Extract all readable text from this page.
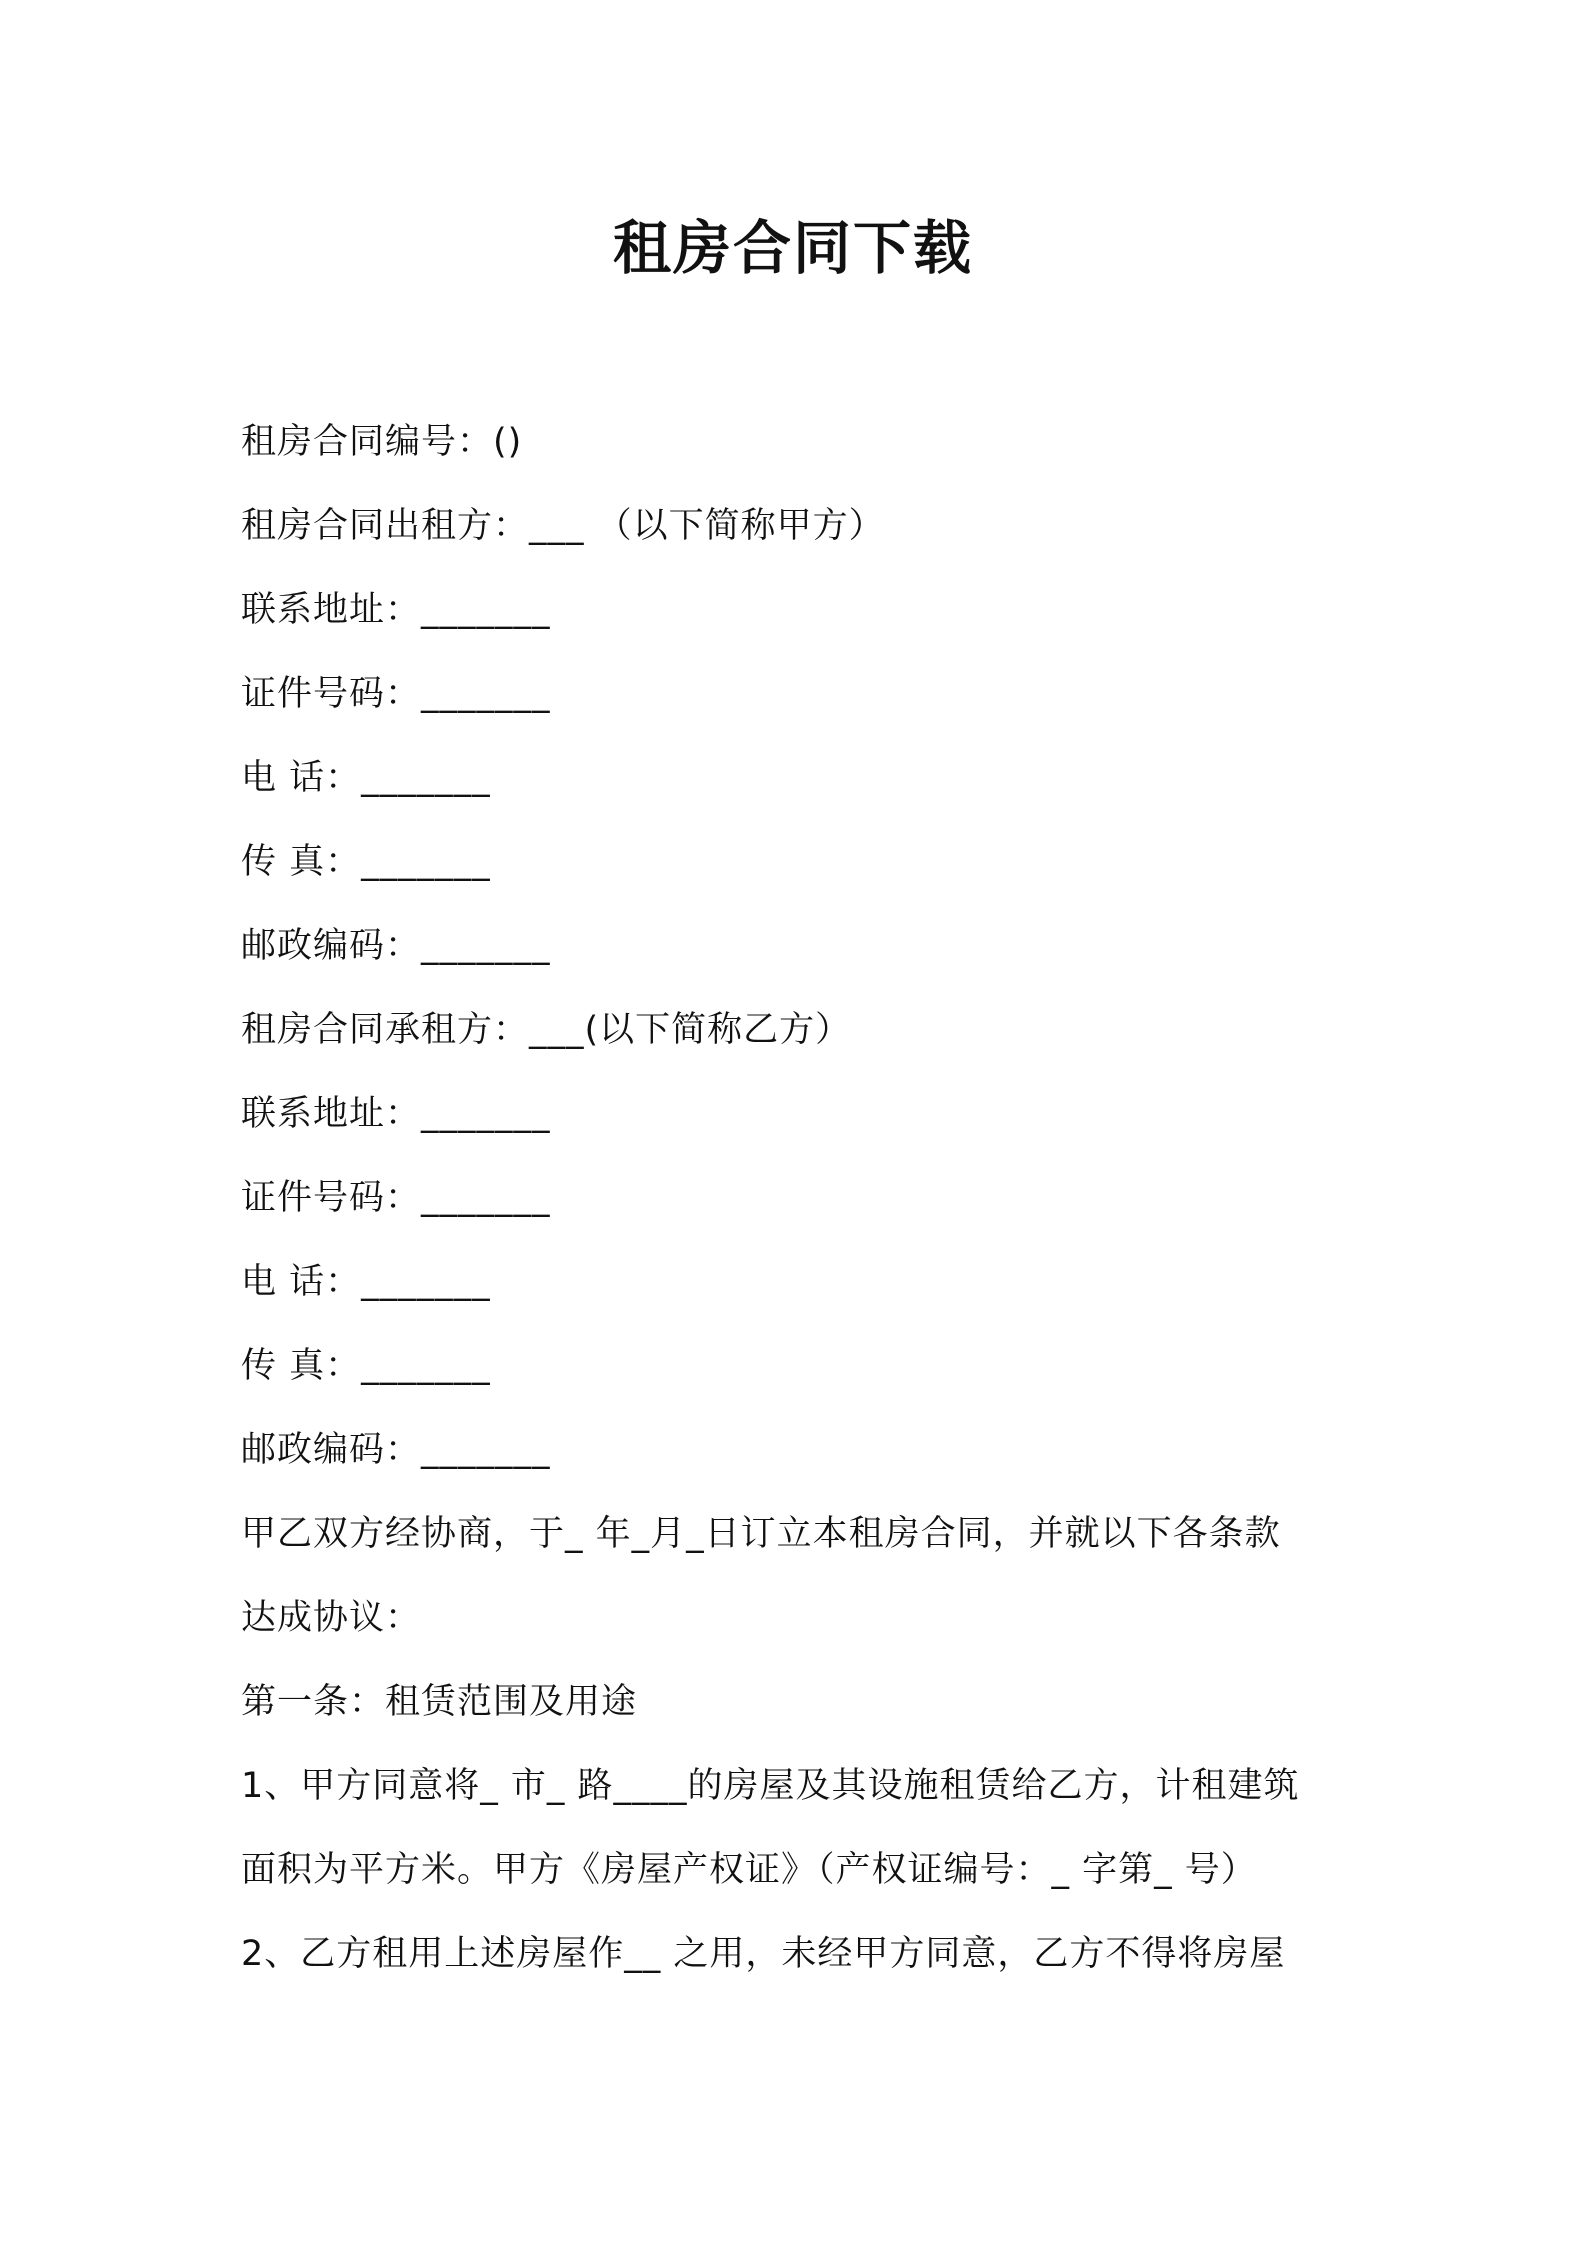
租房合同下载
租房合同编号：()
租房合同出租方：___ （以下简称甲方）
联系地址：_______
证件号码：_______
电 话：_______
传 真：_______
邮政编码：_______
租房合同承租方：___(以下简称乙方）
联系地址：_______
证件号码：_______
电 话：_______
传 真：_______
邮政编码：_______
甲乙双方经协商，于_ 年_月_日订立本租房合同，并就以下各条款
达成协议：
第一条：租赁范围及用途
1、甲方同意将_ 市_ 路____的房屋及其设施租赁给乙方，计租建筑
面积为平方米。甲方《房屋产权证》（产权证编号：_ 字第_ 号）
2、乙方租用上述房屋作__ 之用，未经甲方同意，乙方不得将房屋
